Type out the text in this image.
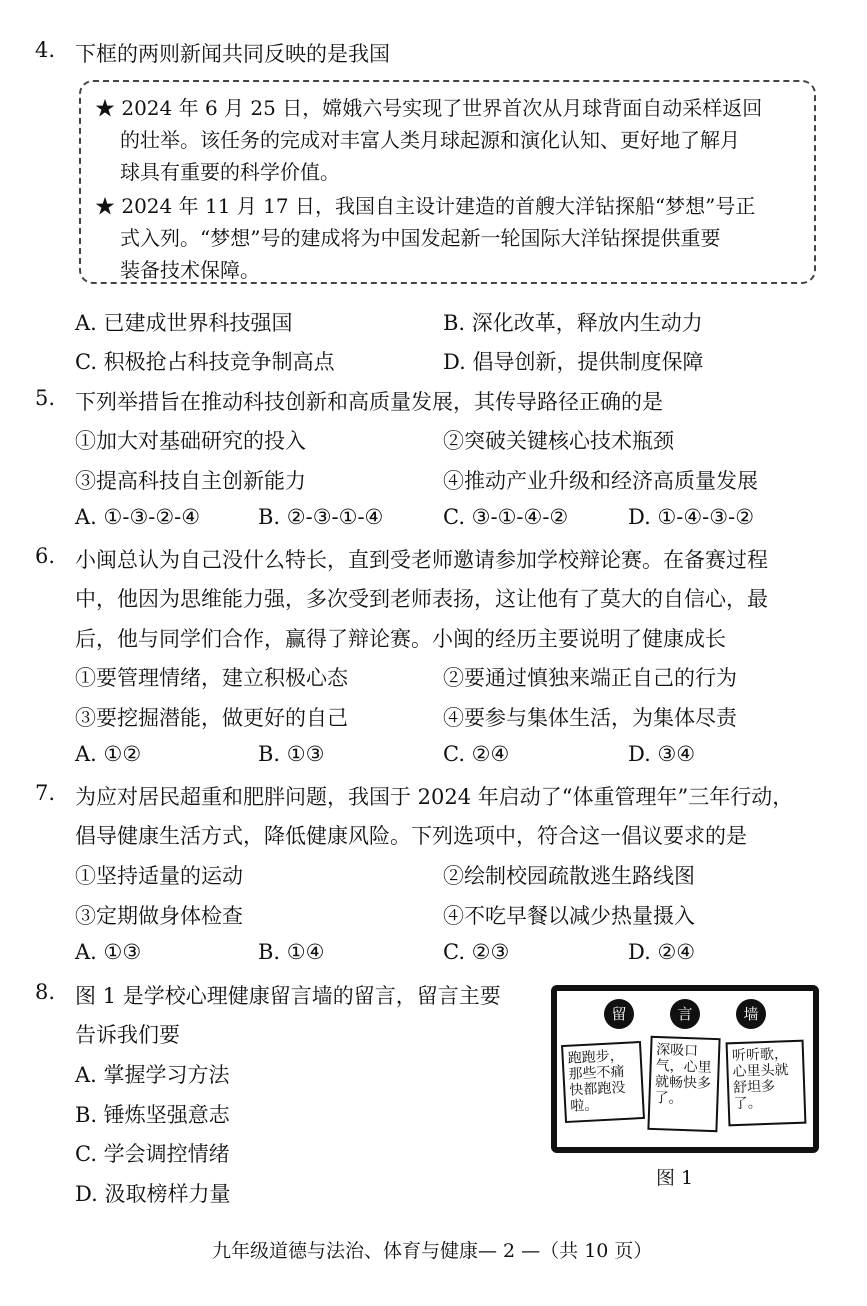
4. 下框的两则新闻共同反映的是我国
★ 2024 年 6 月 25 日，嫦娥六号实现了世界首次从月球背面自动采样返回
的壮举。该任务的完成对丰富人类月球起源和演化认知、更好地了解月
球具有重要的科学价值。
★ 2024 年 11 月 17 日，我国自主设计建造的首艘大洋钻探船“梦想”号正
式入列。“梦想”号的建成将为中国发起新一轮国际大洋钻探提供重要
装备技术保障。
A. 已建成世界科技强国	B. 深化改革，释放内生动力
C. 积极抢占科技竞争制高点	D. 倡导创新，提供制度保障
5. 下列举措旨在推动科技创新和高质量发展，其传导路径正确的是
①加大对基础研究的投入	②突破关键核心技术瓶颈
③提高科技自主创新能力	④推动产业升级和经济高质量发展
A. ①-③-②-④	B. ②-③-①-④	C. ③-①-④-②	D. ①-④-③-②
6. 小闽总认为自己没什么特长，直到受老师邀请参加学校辩论赛。在备赛过程
中，他因为思维能力强，多次受到老师表扬，这让他有了莫大的自信心，最
后，他与同学们合作，赢得了辩论赛。小闽的经历主要说明了健康成长
①要管理情绪，建立积极心态	②要通过慎独来端正自己的行为
③要挖掘潜能，做更好的自己	④要参与集体生活，为集体尽责
A. ①②	B. ①③	C. ②④	D. ③④
7. 为应对居民超重和肥胖问题，我国于 2024 年启动了“体重管理年”三年行动，
倡导健康生活方式，降低健康风险。下列选项中，符合这一倡议要求的是
①坚持适量的运动	②绘制校园疏散逃生路线图
③定期做身体检查	④不吃早餐以减少热量摄入
A. ①③	B. ①④	C. ②③	D. ②④
8. 图 1 是学校心理健康留言墙的留言，留言主要
告诉我们要
A. 掌握学习方法
B. 锤炼坚强意志
C. 学会调控情绪
D. 汲取榜样力量
留	言	墙
跑跑步，那些不痛快都跑没啦。
深吸口气，心里就畅快多了。
听听歌，心里头就舒坦多了。
图 1
九年级道德与法治、体育与健康— 2 —（共 10 页）
